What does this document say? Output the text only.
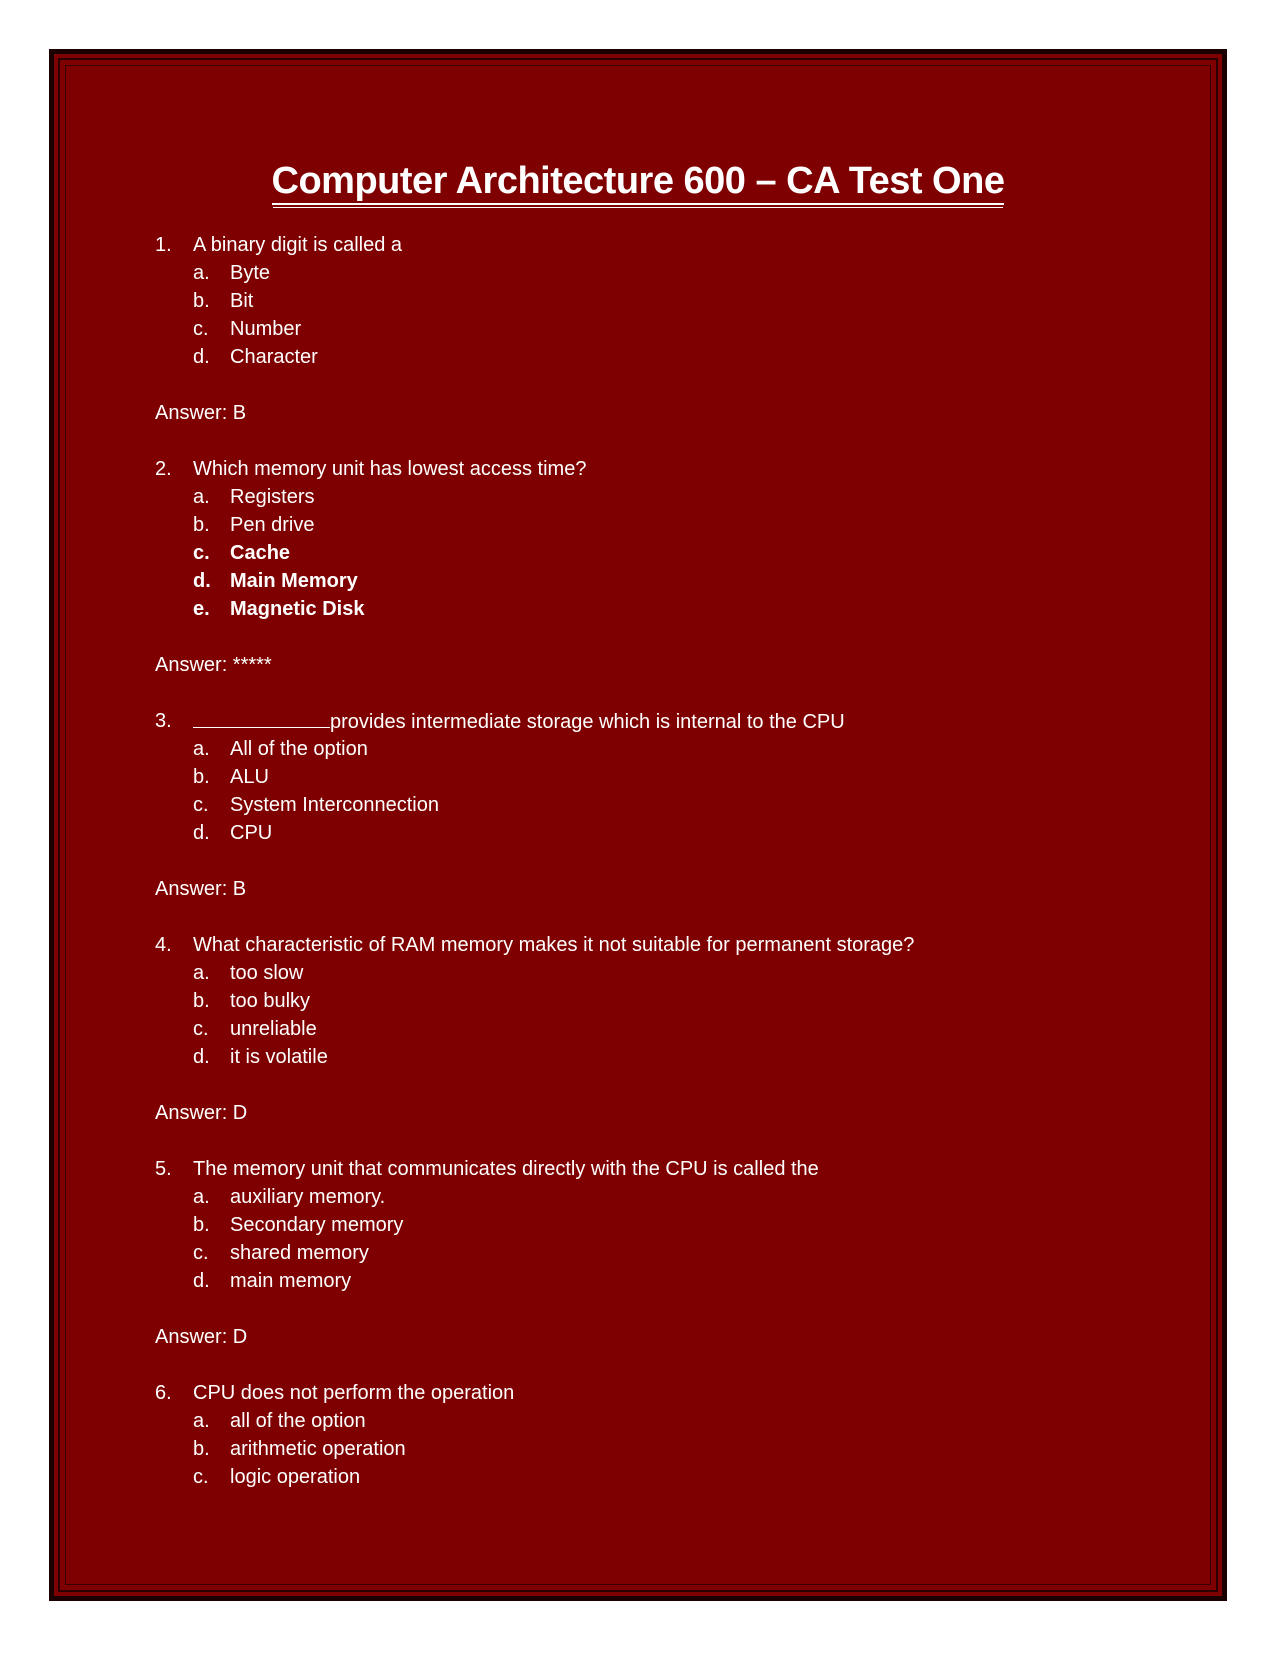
Computer Architecture 600 – CA Test One
1.	A binary digit is called a
a.	Byte
b.	Bit
c.	Number
d.	Character
Answer: B
2.	Which memory unit has lowest access time?
a.	Registers
b.	Pen drive
c.	Cache
d. Main Memory
e.	Magnetic Disk
Answer: *****
3.	provides intermediate storage which is internal to the CPU
a.	All of the option
b.	ALU
c.	System Interconnection
d.	CPU
Answer: B
4.	What characteristic of RAM memory makes it not suitable for permanent storage?
a.	too slow
b.	too bulky
c.	unreliable
d.	it is volatile
Answer: D
5.	The memory unit that communicates directly with the CPU is called the
a.	auxiliary memory.
b.	Secondary memory
c.	shared memory
d.	main memory
Answer: D
6.	CPU does not perform the operation
a.	all of the option
b.	arithmetic operation
c.	logic operation
